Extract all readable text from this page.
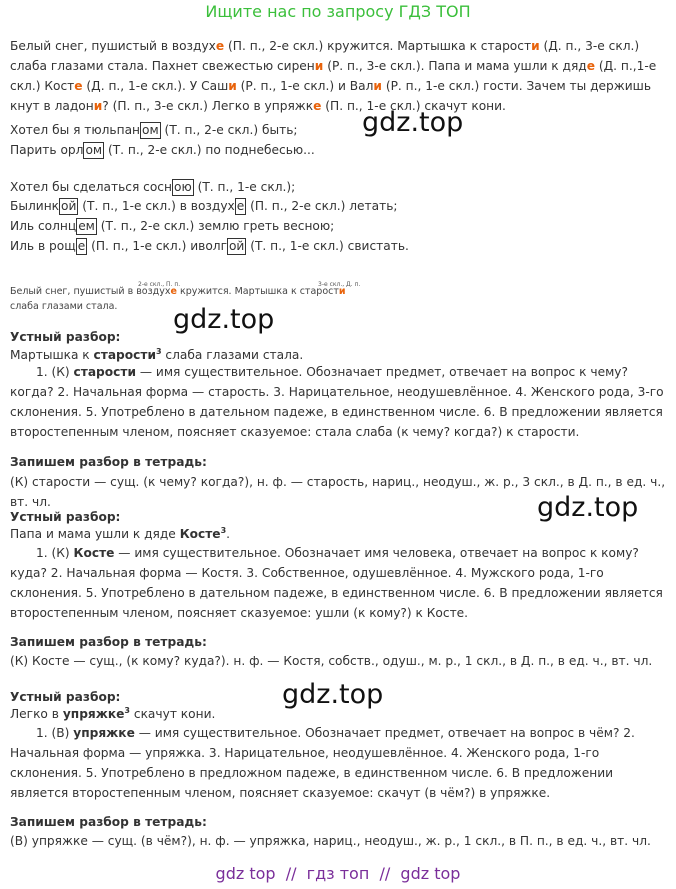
Ищите нас по запросу ГДЗ ТОП
Белый снег, пушистый в воздухе (П. п., 2-е скл.) кружится. Мартышка к старости (Д. п., 3-е скл.) слаба глазами стала. Пахнет свежестью сирени (Р. п., 3-е скл.). Папа и мама ушли к дяде (Д. п.,1-е скл.) Косте (Д. п., 1-е скл.). У Саши (Р. п., 1-е скл.) и Вали (Р. п., 1-е скл.) гости. Зачем ты держишь кнут в ладони? (П. п., 3-е скл.) Легко в упряжке (П. п., 1-е скл.) скачут кони.
Хотел бы я тюльпан ом (Т. п., 2-е скл.) быть;
Парить орл ом (Т. п., 2-е скл.) по поднебесью...
gdz.top
Хотел бы сделаться сосн ою (Т. п., 1-е скл.);
Былинк ой (Т. п., 1-е скл.) в воздух е (П. п., 2-е скл.) летать;
Иль солнц ем (Т. п., 2-е скл.) землю греть весною;
Иль в рощ е (П. п., 1-е скл.) иволг ой (Т. п., 1-е скл.) свистать.
2-е скл., П. п.	3-е скл., Д. п.
Белый снег, пушистый в воздухе кружится. Мартышка к старости
слаба глазами стала.	gdz.top
Устный разбор:
Мартышка к старости$^3$ слаба глазами стала.
1. (К) старости — имя существительное. Обозначает предмет, отвечает на вопрос к чему? когда? 2. Начальная форма — старость. 3. Нарицательное, неодушевлённое. 4. Женского рода, 3-го склонения. 5. Употреблено в дательном падеже, в единственном числе. 6. В предложении является второстепенным членом, поясняет сказуемое: стала слаба (к чему? когда?) к старости.
Запишем разбор в тетрадь:
(К) старости — сущ. (к чему? когда?), н. ф. — старость, нариц., неодуш., ж. р., 3 скл., в Д. п., в ед. ч., вт. чл.	gdz.top
Устный разбор:
Папа и мама ушли к дяде Косте$^3$.
1. (К) Косте — имя существительное. Обозначает имя человека, отвечает на вопрос к кому? куда? 2. Начальная форма — Костя. 3. Собственное, одушевлённое. 4. Мужского рода, 1-го склонения. 5. Употреблено в дательном падеже, в единственном числе. 6. В предложении является второстепенным членом, поясняет сказуемое: ушли (к кому?) к Косте.
Запишем разбор в тетрадь:
(К) Косте — сущ., (к кому? куда?). н. ф. — Костя, собств., одуш., м. р., 1 скл., в Д. п., в ед. ч., вт. чл.
gdz.top
Устный разбор:
Легко в упряжке$^3$ скачут кони.
1. (В) упряжке — имя существительное. Обозначает предмет, отвечает на вопрос в чём? 2. Начальная форма — упряжка. 3. Нарицательное, неодушевлённое. 4. Женского рода, 1-го склонения. 5. Употреблено в предложном падеже, в единственном числе. 6. В предложении является второстепенным членом, поясняет сказуемое: скачут (в чём?) в упряжке.
Запишем разбор в тетрадь:
(В) упряжке — сущ. (в чём?), н. ф. — упряжка, нариц., неодуш., ж. р., 1 скл., в П. п., в ед. ч., вт. чл.
gdz top  //  гдз топ  //  gdz top
